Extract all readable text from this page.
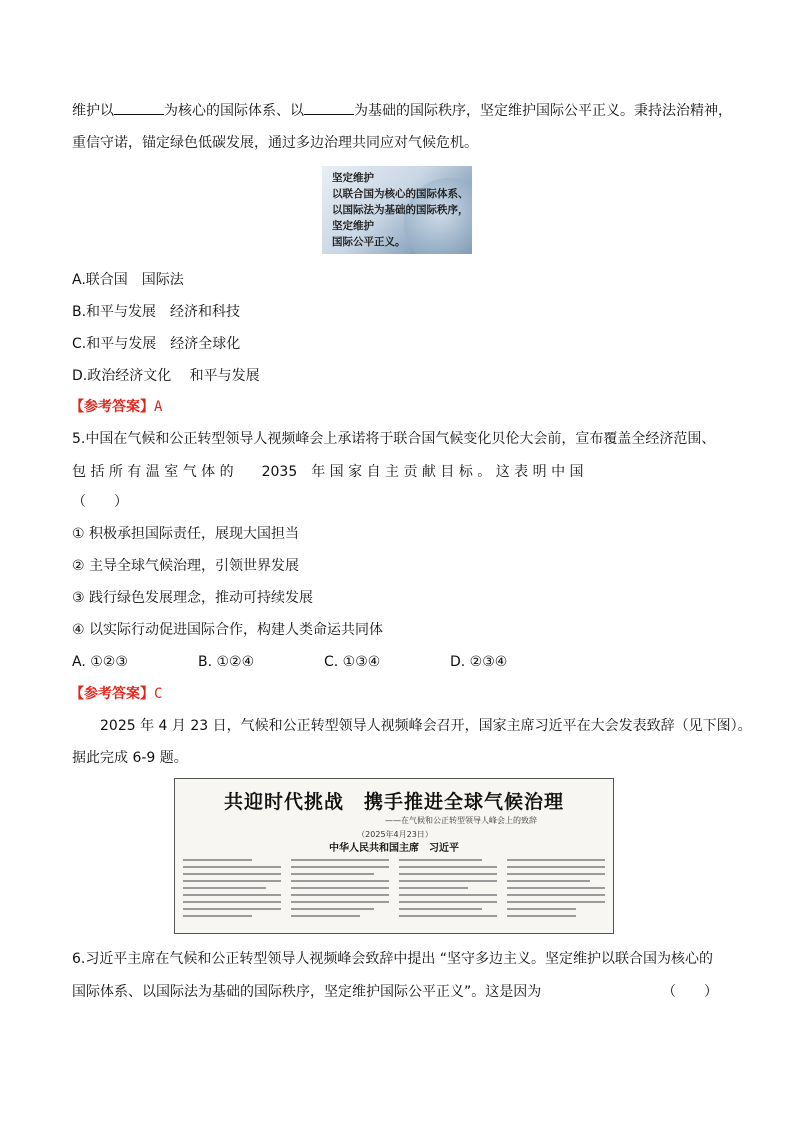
维护以	为核心的国际体系、以	为基础的国际秩序，坚定维护国际公平正义。秉持法治精神，
重信守诺，锚定绿色低碳发展，通过多边治理共同应对气候危机。
坚定维护
以联合国为核心的国际体系、
以国际法为基础的国际秩序，
坚定维护
国际公平正义。
A.联合国　国际法
B.和平与发展　经济和科技
C.和平与发展　经济全球化
D.政治经济文化　 和平与发展
【参考答案】A
5.中国在气候和公正转型领导人视频峰会上承诺将于联合国气候变化贝伦大会前，宣布覆盖全经济范围、
包 括 所 有 温 室 气 体 的　　2035　年 国 家 自 主 贡 献 目 标 。 这 表 明 中 国
（　　）
① 积极承担国际责任，展现大国担当
② 主导全球气候治理，引领世界发展
③ 践行绿色发展理念，推动可持续发展
④ 以实际行动促进国际合作，构建人类命运共同体
A. ①②③	B. ①②④	C. ①③④	D. ②③④
【参考答案】C
2025 年 4 月 23 日，气候和公正转型领导人视频峰会召开，国家主席习近平在大会发表致辞（见下图）。
据此完成 6-9 题。
共迎时代挑战　携手推进全球气候治理
——在气候和公正转型领导人峰会上的致辞
（2025年4月23日）
中华人民共和国主席　习近平
6.习近平主席在气候和公正转型领导人视频峰会致辞中提出 “坚守多边主义。坚定维护以联合国为核心的
国际体系、以国际法为基础的国际秩序，坚定维护国际公平正义”。这是因为	（　　）
